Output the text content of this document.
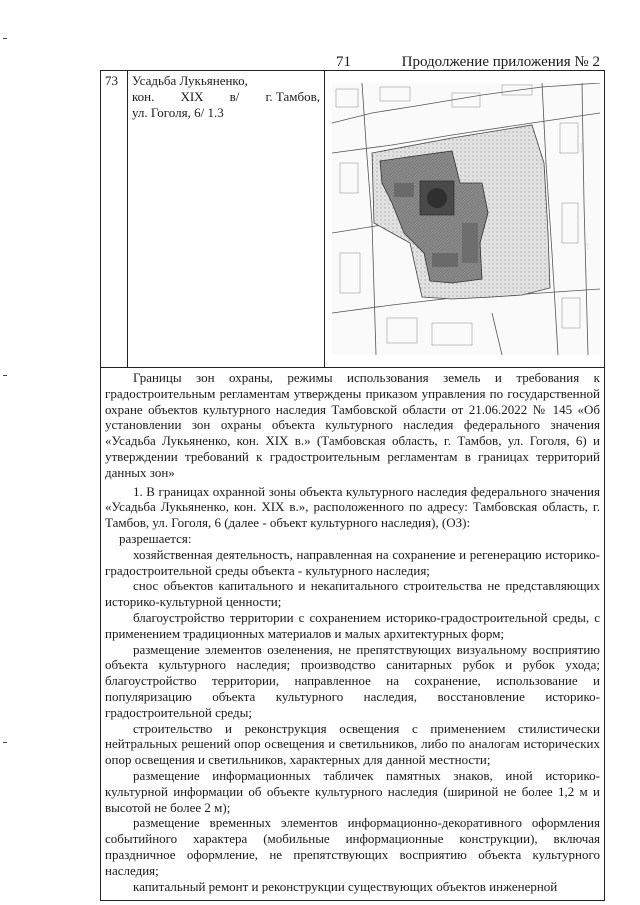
71	Продолжение приложения № 2
73	Усадьба Лукьяненко,
кон. XIX в/ г. Тамбов,
ул. Гоголя, 6/ 1.3

········
······

Границы зон охраны, режимы использования земель и требования к градостроительным регламентам утверждены приказом управления по государственной охране объектов культурного наследия Тамбовской области от 21.06.2022 № 145 «Об установлении зон охраны объекта культурного наследия федерального значения «Усадьба Лукьяненко, кон. XIX в.» (Тамбовская область, г. Тамбов, ул. Гоголя, 6) и утверждении требований к градостроительным регламентам в границах территорий данных зон»

1. В границах охранной зоны объекта культурного наследия федерального значения «Усадьба Лукьяненко, кон. XIX в.», расположенного по адресу: Тамбовская область, г. Тамбов, ул. Гоголя, 6 (далее - объект культурного наследия), (ОЗ):

разрешается:

хозяйственная деятельность, направленная на сохранение и регенерацию историко-градостроительной среды объекта - культурного наследия;

снос объектов капитального и некапитального строительства не представляющих историко-культурной ценности;

благоустройство территории с сохранением историко-градостроительной среды, с применением традиционных материалов и малых архитектурных форм;

размещение элементов озеленения, не препятствующих визуальному восприятию объекта культурного наследия; производство санитарных рубок и рубок ухода; благоустройство территории, направленное на сохранение, использование и популяризацию объекта культурного наследия, восстановление историко-градостроительной среды;

строительство и реконструкция освещения с применением стилистически нейтральных решений опор освещения и светильников, либо по аналогам исторических опор освещения и светильников, характерных для данной местности;

размещение информационных табличек памятных знаков, иной историко-культурной информации об объекте культурного наследия (шириной не более 1,2 м и высотой не более 2 м);

размещение временных элементов информационно-декоративного оформления событийного характера (мобильные информационные конструкции), включая праздничное оформление, не препятствующих восприятию объекта культурного наследия;

капитальный ремонт и реконструкции существующих объектов инженерной
